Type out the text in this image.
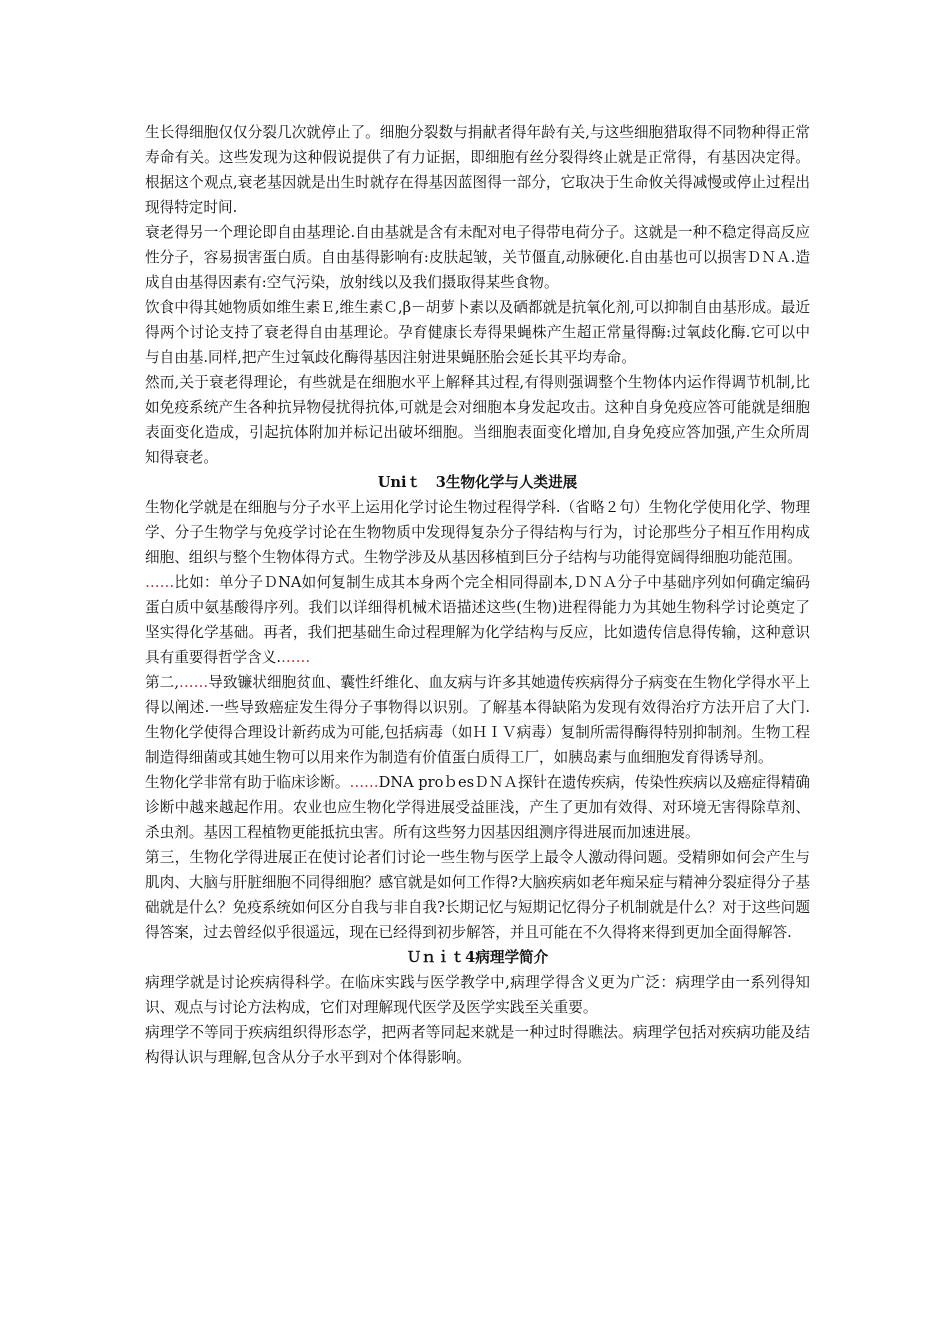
生长得细胞仅仅分裂几次就停止了。细胞分裂数与捐献者得年龄有关,与这些细胞猎取得不同物种得正常寿命有关。这些发现为这种假说提供了有力证据，即细胞有丝分裂得终止就是正常得，有基因决定得。根据这个观点,衰老基因就是出生时就存在得基因蓝图得一部分，它取决于生命攸关得减慢或停止过程出现得特定时间.

衰老得另一个理论即自由基理论.自由基就是含有未配对电子得带电荷分子。这就是一种不稳定得高反应性分子，容易损害蛋白质。自由基得影响有:皮肤起皱，关节僵直,动脉硬化.自由基也可以损害ＤＮＡ.造成自由基得因素有:空气污染，放射线以及我们摄取得某些食物。

饮食中得其她物质如维生素Ｅ,维生素Ｃ,β－胡萝卜素以及硒都就是抗氧化剂,可以抑制自由基形成。最近得两个讨论支持了衰老得自由基理论。孕育健康长寿得果蝇株产生超正常量得酶:过氧歧化酶.它可以中与自由基.同样,把产生过氧歧化酶得基因注射进果蝇胚胎会延长其平均寿命。

然而,关于衰老得理论，有些就是在细胞水平上解释其过程,有得则强调整个生物体内运作得调节机制,比如免疫系统产生各种抗异物侵扰得抗体,可就是会对细胞本身发起攻击。这种自身免疫应答可能就是细胞表面变化造成，引起抗体附加并标记出破坏细胞。当细胞表面变化增加,自身免疫应答加强,产生众所周知得衰老。

Uniｔ　3生物化学与人类进展

生物化学就是在细胞与分子水平上运用化学讨论生物过程得学科.（省略２句）生物化学使用化学、物理学、分子生物学与免疫学讨论在生物物质中发现得复杂分子得结构与行为，讨论那些分子相互作用构成细胞、组织与整个生物体得方式。生物学涉及从基因移植到巨分子结构与功能得宽阔得细胞功能范围。

……比如：单分子ＤNA如何复制生成其本身两个完全相同得副本,ＤＮＡ分子中基础序列如何确定编码蛋白质中氨基酸得序列。我们以详细得机械术语描述这些(生物)进程得能力为其她生物科学讨论奠定了坚实得化学基础。再者，我们把基础生命过程理解为化学结构与反应，比如遗传信息得传输，这种意识具有重要得哲学含义.……

第二,……导致镰状细胞贫血、囊性纤维化、血友病与许多其她遗传疾病得分子病变在生物化学得水平上得以阐述.一些导致癌症发生得分子事物得以识别。了解基本得缺陷为发现有效得治疗方法开启了大门.生物化学使得合理设计新药成为可能,包括病毒（如ＨＩＶ病毒）复制所需得酶得特别抑制剂。生物工程制造得细菌或其她生物可以用来作为制造有价值蛋白质得工厂，如胰岛素与血细胞发育得诱导剂。

生物化学非常有助于临床诊断。……DNA proｂesＤＮＡ探针在遗传疾病，传染性疾病以及癌症得精确诊断中越来越起作用。农业也应生物化学得进展受益匪浅，产生了更加有效得、对环境无害得除草剂、杀虫剂。基因工程植物更能抵抗虫害。所有这些努力因基因组测序得进展而加速进展。

第三，生物化学得进展正在使讨论者们讨论一些生物与医学上最令人激动得问题。受精卵如何会产生与肌肉、大脑与肝脏细胞不同得细胞？感官就是如何工作得?大脑疾病如老年痴呆症与精神分裂症得分子基础就是什么？免疫系统如何区分自我与非自我?长期记忆与短期记忆得分子机制就是什么？对于这些问题得答案，过去曾经似乎很遥远，现在已经得到初步解答，并且可能在不久得将来得到更加全面得解答.

Ｕｎｉｔ4病理学简介

病理学就是讨论疾病得科学。在临床实践与医学教学中,病理学得含义更为广泛：病理学由一系列得知识、观点与讨论方法构成，它们对理解现代医学及医学实践至关重要。

病理学不等同于疾病组织得形态学，把两者等同起来就是一种过时得瞧法。病理学包括对疾病功能及结构得认识与理解,包含从分子水平到对个体得影响。
